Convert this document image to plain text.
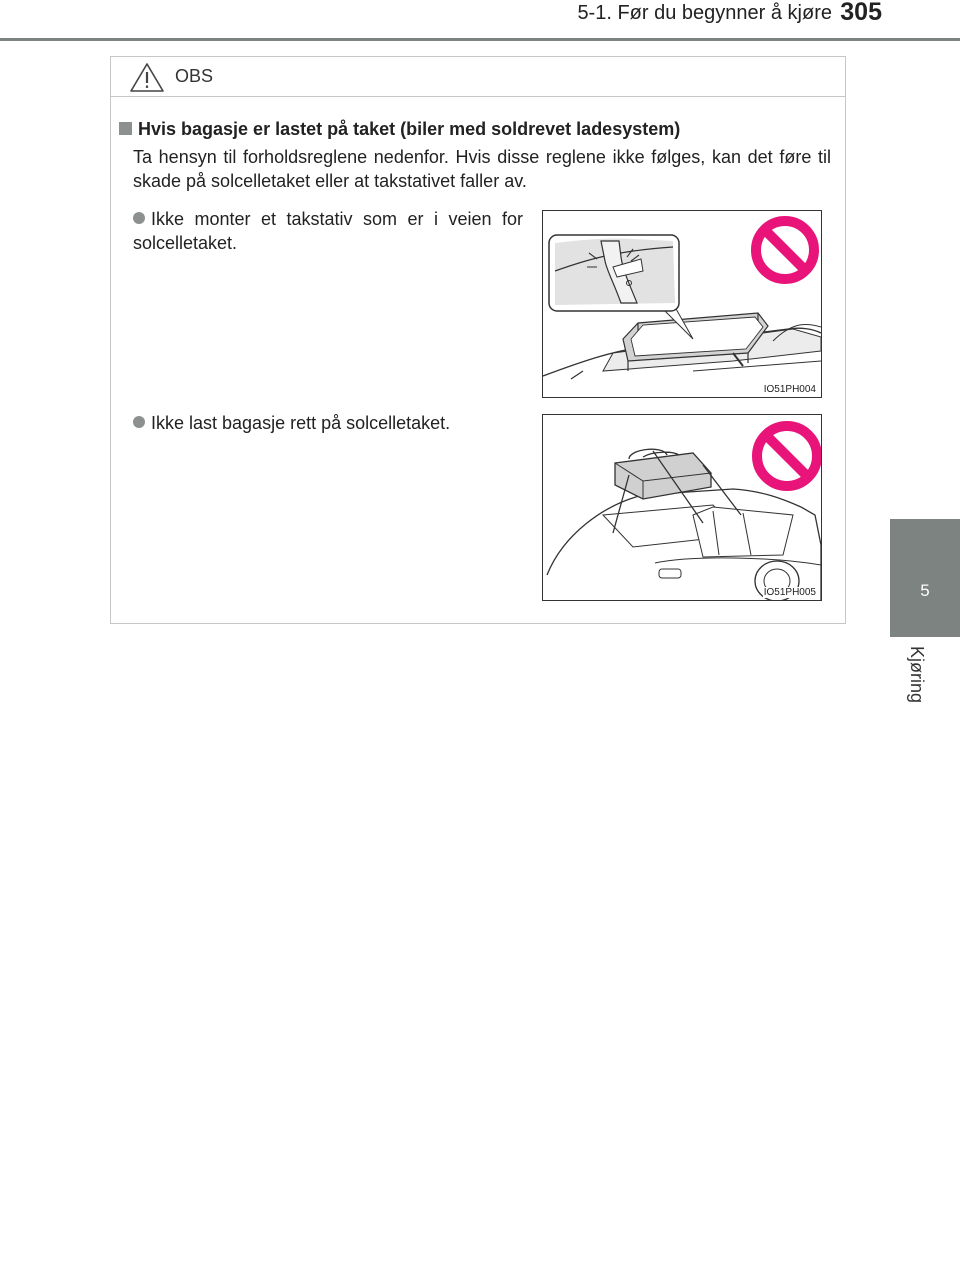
5-1. Før du begynner å kjøre 305
5
Kjøring
OBS
Hvis bagasje er lastet på taket (biler med soldrevet ladesystem)
Ta hensyn til forholdsreglene nedenfor. Hvis disse reglene ikke følges, kan det føre til skade på solcelletaket eller at takstativet faller av.
Ikke monter et takstativ som er i veien for solcelletaket.
IO51PH004
Ikke last bagasje rett på solcelletaket.
IO51PH005
